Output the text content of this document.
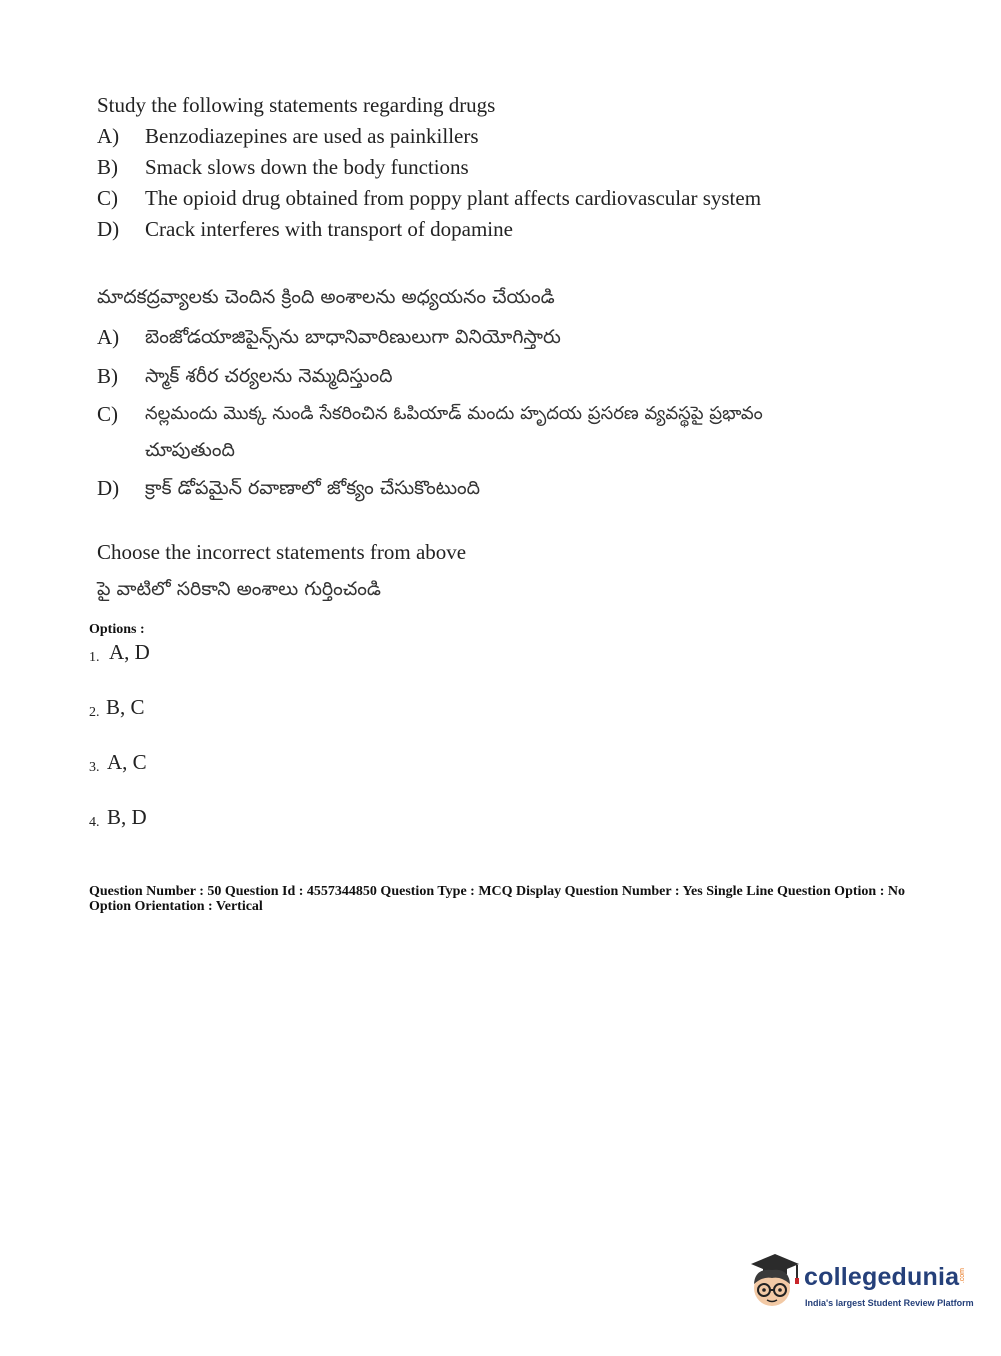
Study the following statements regarding drugs
A) Benzodiazepines are used as painkillers
B) Smack slows down the body functions
C) The opioid drug obtained from poppy plant affects cardiovascular system
D) Crack interferes with transport of dopamine
మాదకద్రవ్యాలకు చెందిన క్రింది అంశాలను అధ్యయనం చేయండి
A) బెంజోడయాజిపైన్స్‌ను బాధానివారిణులుగా వినియోగిస్తారు
B) స్మాక్ శరీర చర్యలను నెమ్మదిస్తుంది
C) నల్లమందు మొక్క నుండి సేకరించిన ఓపియాడ్ మందు హృదయ ప్రసరణ వ్యవస్థపై ప్రభావం
చూపుతుంది
D) క్రాక్ డోపమైన్ రవాణాలో జోక్యం చేసుకొంటుంది
Choose the incorrect statements from above
పై వాటిలో సరికాని అంశాలు గుర్తించండి
Options :
1. A, D
2. B, C
3. A, C
4. B, D
Question Number : 50 Question Id : 4557344850 Question Type : MCQ Display Question Number : Yes Single Line Question Option : No Option Orientation : Vertical
collegedunia .com
India's largest Student Review Platform
